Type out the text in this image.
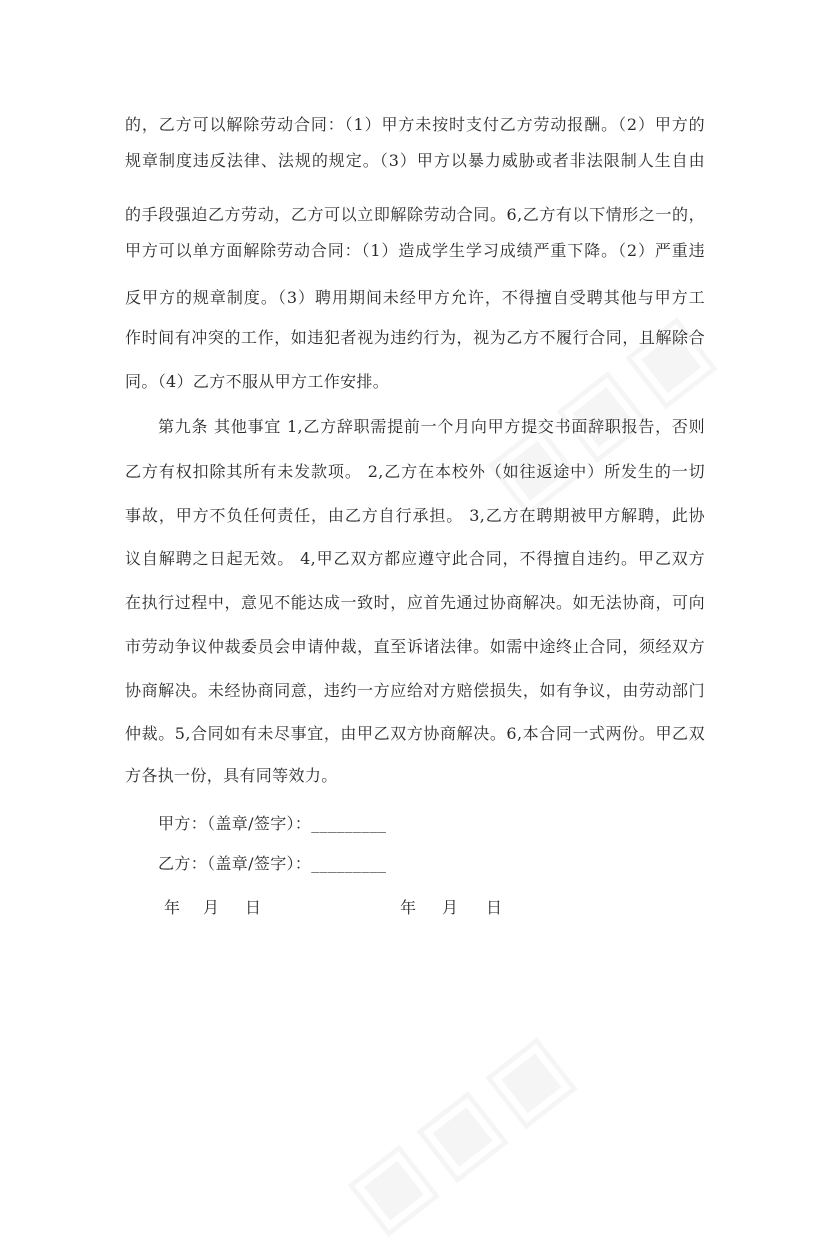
的，乙方可以解除劳动合同：（1）甲方未按时支付乙方劳动报酬。（2）甲方的
规章制度违反法律、法规的规定。（3）甲方以暴力威胁或者非法限制人生自由
的手段强迫乙方劳动，乙方可以立即解除劳动合同。6,乙方有以下情形之一的，
甲方可以单方面解除劳动合同：（1）造成学生学习成绩严重下降。（2）严重违
反甲方的规章制度。（3）聘用期间未经甲方允许，不得擅自受聘其他与甲方工
作时间有冲突的工作，如违犯者视为违约行为，视为乙方不履行合同，且解除合
同。（4）乙方不服从甲方工作安排。
第九条 其他事宜 1,乙方辞职需提前一个月向甲方提交书面辞职报告，否则
乙方有权扣除其所有未发款项。 2,乙方在本校外（如往返途中）所发生的一切
事故，甲方不负任何责任，由乙方自行承担。 3,乙方在聘期被甲方解聘，此协
议自解聘之日起无效。 4,甲乙双方都应遵守此合同，不得擅自违约。甲乙双方
在执行过程中，意见不能达成一致时，应首先通过协商解决。如无法协商，可向
市劳动争议仲裁委员会申请仲裁，直至诉诸法律。如需中途终止合同，须经双方
协商解决。未经协商同意，违约一方应给对方赔偿损失，如有争议，由劳动部门
仲裁。5,合同如有未尽事宜，由甲乙双方协商解决。6,本合同一式两份。甲乙双
方各执一份，具有同等效力。
甲方：（盖章/签字）：_________
乙方：（盖章/签字）：_________
年 月 日	年 月 日
